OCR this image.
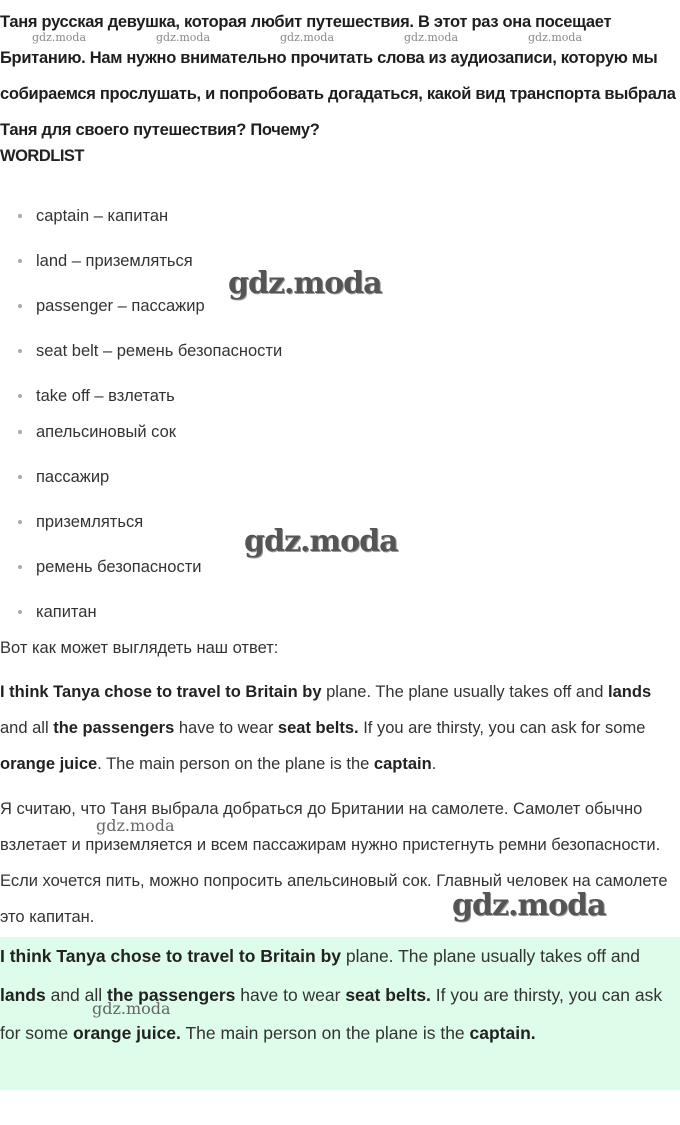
Таня русская девушка, которая любит путешествия. В этот раз она посещает Британию. Нам нужно внимательно прочитать слова из аудиозаписи, которую мы собираемся прослушать, и попробовать догадаться, какой вид транспорта выбрала Таня для своего путешествия? Почему?
gdz.moda	gdz.moda	gdz.moda	gdz.moda	gdz.moda
WORDLIST
captain – капитан
land – приземляться
passenger – пассажир
seat belt – ремень безопасности
take off – взлетать
апельсиновый сок
пассажир
приземляться
ремень безопасности
капитан
gdz.moda
gdz.moda
Вот как может выглядеть наш ответ:
I think Tanya chose to travel to Britain by plane. The plane usually takes off and lands and all the passengers have to wear seat belts. If you are thirsty, you can ask for some orange juice. The main person on the plane is the captain.
Я считаю, что Таня выбрала добраться до Британии на самолете. Самолет обычно взлетает и приземляется и всем пассажирам нужно пристегнуть ремни безопасности. Если хочется пить, можно попросить апельсиновый сок. Главный человек на самолете это капитан.
gdz.moda
gdz.moda
I think Tanya chose to travel to Britain by plane. The plane usually takes off and lands and all the passengers have to wear seat belts. If you are thirsty, you can ask for some orange juice. The main person on the plane is the captain.
gdz.moda
